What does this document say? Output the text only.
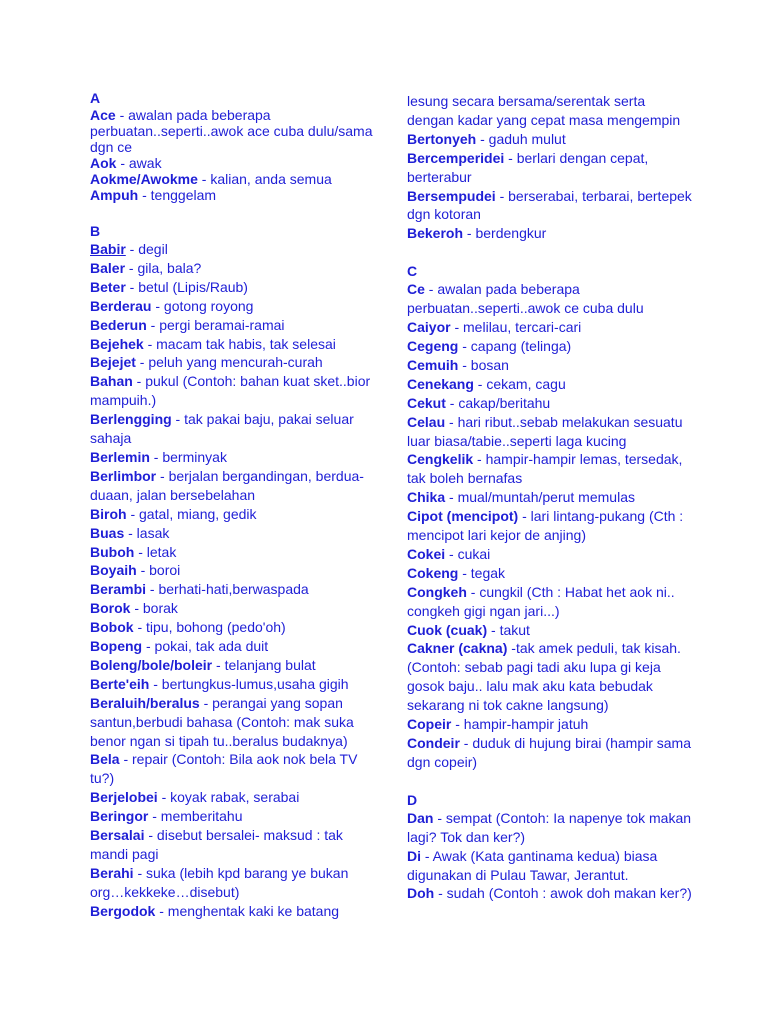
A
Ace - awalan pada beberapa perbuatan..seperti..awok ace cuba dulu/sama dgn ce
Aok - awak
Aokme/Awokme - kalian, anda semua
Ampuh - tenggelam
B
Babir - degil
Baler - gila, bala?
Beter - betul (Lipis/Raub)
Berderau - gotong royong
Bederun - pergi beramai-ramai
Bejehek - macam tak habis, tak selesai
Bejejet - peluh yang mencurah-curah
Bahan - pukul (Contoh: bahan kuat sket..bior mampuih.)
Berlengging - tak pakai baju, pakai seluar sahaja
Berlemin - berminyak
Berlimbor - berjalan bergandingan, berdua-duaan, jalan bersebelahan
Biroh - gatal, miang, gedik
Buas - lasak
Buboh - letak
Boyaih - boroi
Berambi - berhati-hati,berwaspada
Borok - borak
Bobok - tipu, bohong (pedo'oh)
Bopeng - pokai, tak ada duit
Boleng/bole/boleir - telanjang bulat
Berte'eih - bertungkus-lumus,usaha gigih
Beraluih/beralus - perangai yang sopan santun,berbudi bahasa (Contoh: mak suka benor ngan si tipah tu..beralus budaknya)
Bela - repair (Contoh: Bila aok nok bela TV tu?)
Berjelobei - koyak rabak, serabai
Beringor - memberitahu
Bersalai - disebut bersalei- maksud : tak mandi pagi
Berahi - suka (lebih kpd barang ye bukan org…kekkeke…disebut)
Bergodok - menghentak kaki ke batang
lesung secara bersama/serentak serta dengan kadar yang cepat masa mengempin
Bertonyeh - gaduh mulut
Bercemperidei - berlari dengan cepat, berterabur
Bersempudei - berserabai, terbarai, bertepek dgn kotoran
Bekeroh - berdengkur
C
Ce - awalan pada beberapa perbuatan..seperti..awok ce cuba dulu
Caiyor - melilau, tercari-cari
Cegeng - capang (telinga)
Cemuih - bosan
Cenekang - cekam, cagu
Cekut - cakap/beritahu
Celau - hari ribut..sebab melakukan sesuatu luar biasa/tabie..seperti laga kucing
Cengkelik - hampir-hampir lemas, tersedak, tak boleh bernafas
Chika - mual/muntah/perut memulas
Cipot (mencipot) - lari lintang-pukang (Cth : mencipot lari kejor de anjing)
Cokei - cukai
Cokeng - tegak
Congkeh - cungkil (Cth : Habat het aok ni.. congkeh gigi ngan jari...)
Cuok (cuak) - takut
Cakner (cakna) -tak amek peduli, tak kisah. (Contoh: sebab pagi tadi aku lupa gi keja gosok baju.. lalu mak aku kata bebudak sekarang ni tok cakne langsung)
Copeir - hampir-hampir jatuh
Condeir - duduk di hujung birai (hampir sama dgn copeir)
D
Dan - sempat (Contoh: Ia napenye tok makan lagi? Tok dan ker?)
Di - Awak (Kata gantinama kedua) biasa digunakan di Pulau Tawar, Jerantut.
Doh - sudah (Contoh : awok doh makan ker?)
